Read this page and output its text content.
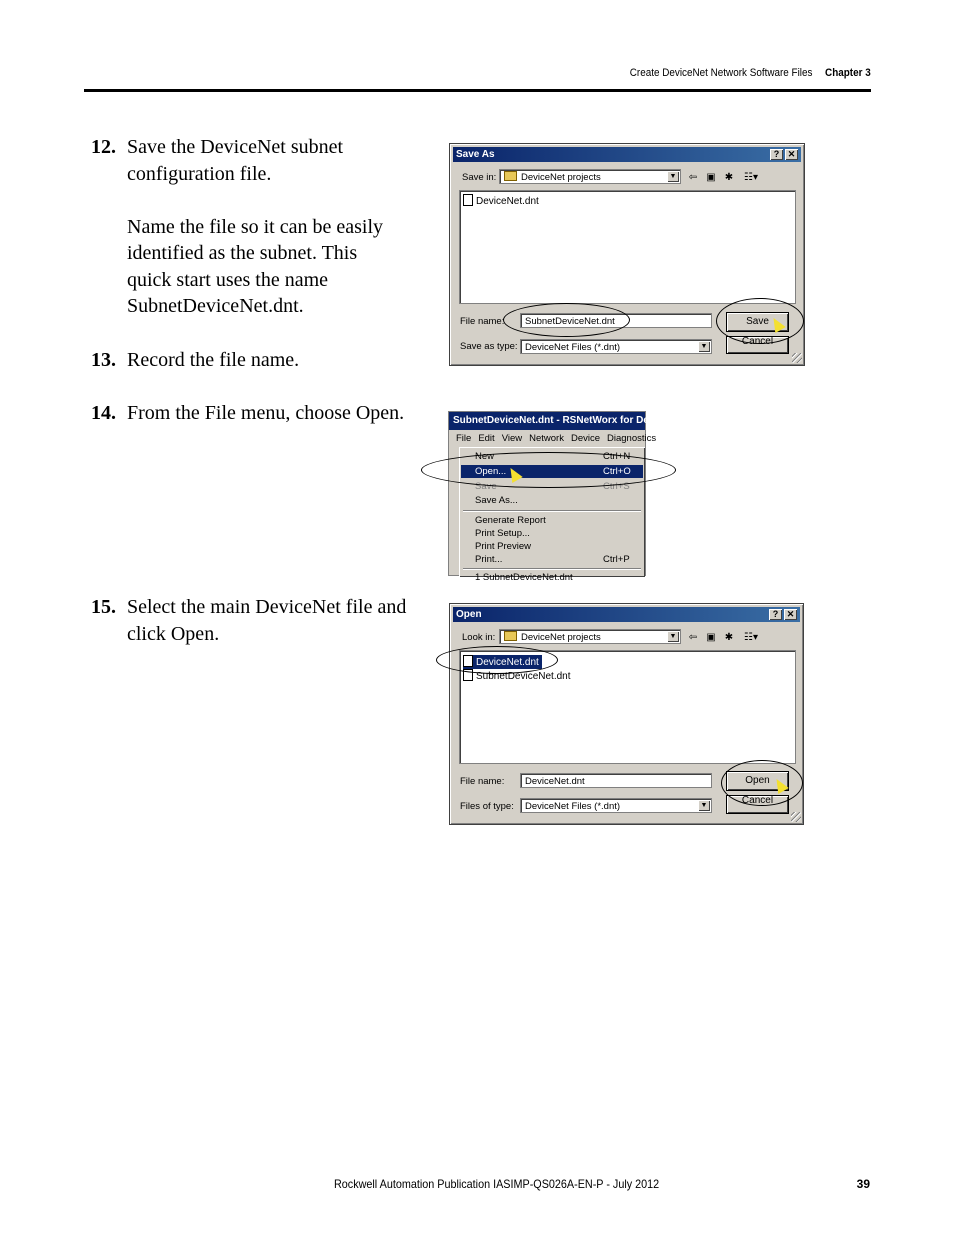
Create DeviceNet Network Software Files Chapter 3
12. Save the DeviceNet subnet
configuration file.

Name the file so it can be easily
identified as the subnet. This
quick start uses the name
SubnetDeviceNet.dnt.

13. Record the file name.
14. From the File menu, choose Open.
15. Select the main DeviceNet file and
click Open.
Save As	? ✕
Save in:	DeviceNet projects	▼ ⇦ ▣ ✱	☷▾
DeviceNet.dnt
File name:	SubnetDeviceNet.dnt
Save as type: DeviceNet Files (*.dnt)	▼
Save
Cancel
SubnetDeviceNet.dnt - RSNetWorx for De
File Edit View Network Device Diagnostics
New	Ctrl+N
Open...	Ctrl+O
Save	Ctrl+S
Save As...
Generate Report
Print Setup...
Print Preview
Print...	Ctrl+P
1 SubnetDeviceNet.dnt
Open	? ✕
Look in:	DeviceNet projects	▼ ⇦ ▣ ✱	☷▾
DeviceNet.dnt
SubnetDeviceNet.dnt
File name:	DeviceNet.dnt
Files of type:	DeviceNet Files (*.dnt)	▼
Open
Cancel
Rockwell Automation Publication IASIMP-QS026A-EN-P - July 2012	39
